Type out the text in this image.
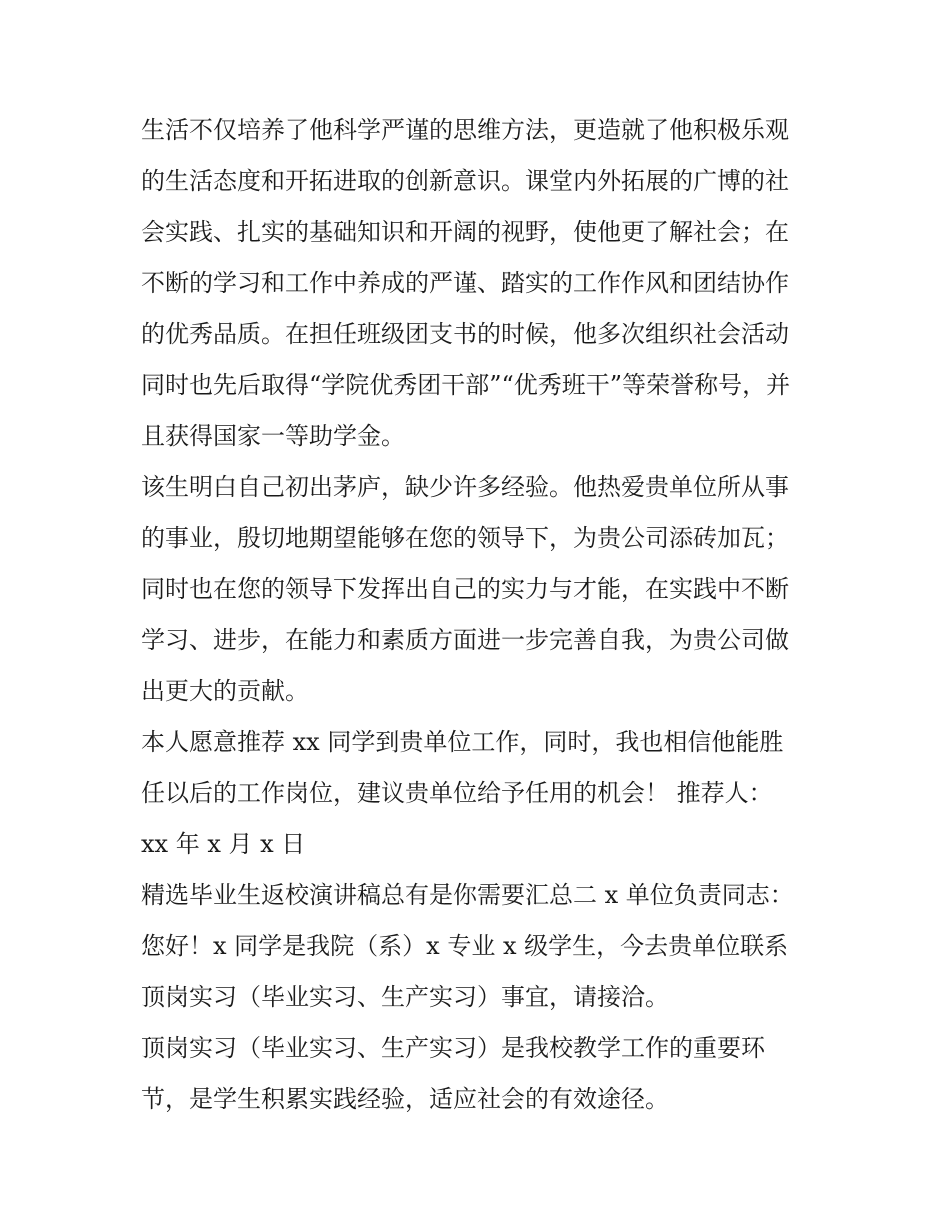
生活不仅培养了他科学严谨的思维方法，更造就了他积极乐观
的生活态度和开拓进取的创新意识。课堂内外拓展的广博的社
会实践、扎实的基础知识和开阔的视野，使他更了解社会；在
不断的学习和工作中养成的严谨、踏实的工作作风和团结协作
的优秀品质。在担任班级团支书的时候，他多次组织社会活动
同时也先后取得“学院优秀团干部”“优秀班干”等荣誉称号，并
且获得国家一等助学金。
该生明白自己初出茅庐，缺少许多经验。他热爱贵单位所从事
的事业，殷切地期望能够在您的领导下，为贵公司添砖加瓦；
同时也在您的领导下发挥出自己的实力与才能，在实践中不断
学习、进步，在能力和素质方面进一步完善自我，为贵公司做
出更大的贡献。
本人愿意推荐 xx 同学到贵单位工作，同时，我也相信他能胜
任以后的工作岗位，建议贵单位给予任用的机会！ 推荐人：
xx 年 x 月 x 日
精选毕业生返校演讲稿总有是你需要汇总二 x 单位负责同志：
您好！x 同学是我院（系）x 专业 x 级学生，今去贵单位联系
顶岗实习（毕业实习、生产实习）事宜，请接洽。
顶岗实习（毕业实习、生产实习）是我校教学工作的重要环
节，是学生积累实践经验，适应社会的有效途径。
